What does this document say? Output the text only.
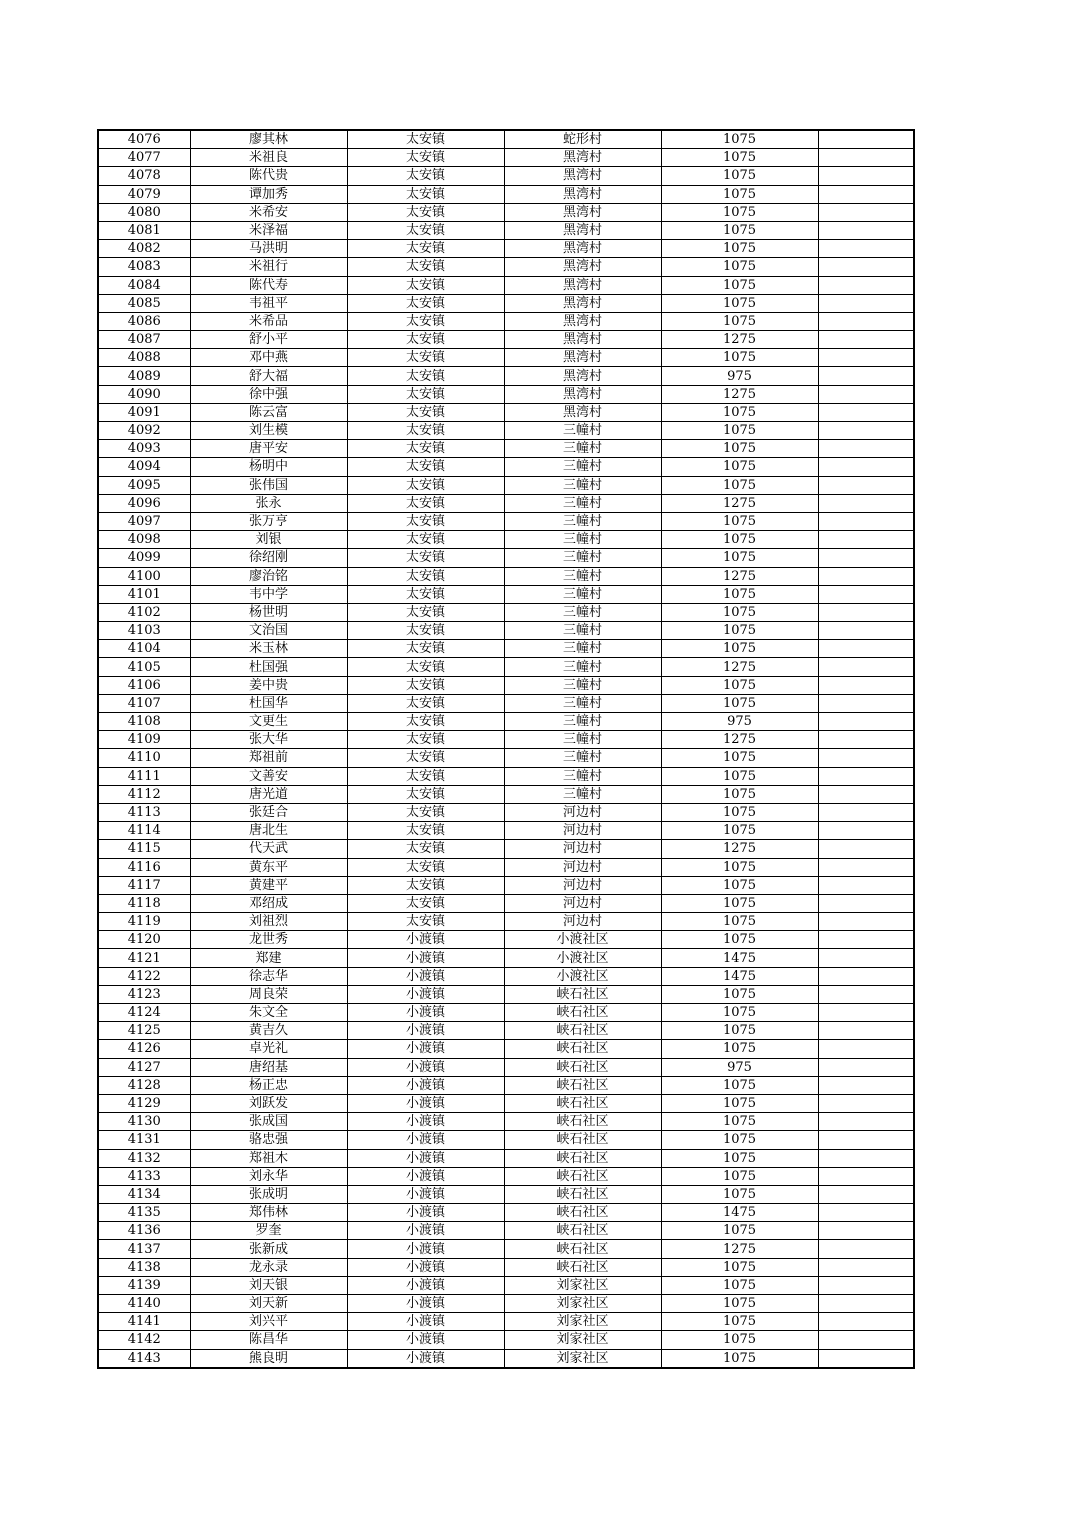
4076	廖其林	太安镇	蛇形村	1075	
4077	米祖良	太安镇	黑湾村	1075	
4078	陈代贵	太安镇	黑湾村	1075	
4079	谭加秀	太安镇	黑湾村	1075	
4080	米希安	太安镇	黑湾村	1075	
4081	米泽福	太安镇	黑湾村	1075	
4082	马洪明	太安镇	黑湾村	1075	
4083	米祖行	太安镇	黑湾村	1075	
4084	陈代寿	太安镇	黑湾村	1075	
4085	韦祖平	太安镇	黑湾村	1075	
4086	米希品	太安镇	黑湾村	1075	
4087	舒小平	太安镇	黑湾村	1275	
4088	邓中燕	太安镇	黑湾村	1075	
4089	舒大福	太安镇	黑湾村	975	
4090	徐中强	太安镇	黑湾村	1275	
4091	陈云富	太安镇	黑湾村	1075	
4092	刘生模	太安镇	三幢村	1075	
4093	唐平安	太安镇	三幢村	1075	
4094	杨明中	太安镇	三幢村	1075	
4095	张伟国	太安镇	三幢村	1075	
4096	张永	太安镇	三幢村	1275	
4097	张万亨	太安镇	三幢村	1075	
4098	刘银	太安镇	三幢村	1075	
4099	徐绍刚	太安镇	三幢村	1075	
4100	廖治铭	太安镇	三幢村	1275	
4101	韦中学	太安镇	三幢村	1075	
4102	杨世明	太安镇	三幢村	1075	
4103	文治国	太安镇	三幢村	1075	
4104	米玉林	太安镇	三幢村	1075	
4105	杜国强	太安镇	三幢村	1275	
4106	姜中贵	太安镇	三幢村	1075	
4107	杜国华	太安镇	三幢村	1075	
4108	文更生	太安镇	三幢村	975	
4109	张大华	太安镇	三幢村	1275	
4110	郑祖前	太安镇	三幢村	1075	
4111	文善安	太安镇	三幢村	1075	
4112	唐光道	太安镇	三幢村	1075	
4113	张廷合	太安镇	河边村	1075	
4114	唐北生	太安镇	河边村	1075	
4115	代天武	太安镇	河边村	1275	
4116	黄东平	太安镇	河边村	1075	
4117	黄建平	太安镇	河边村	1075	
4118	邓绍成	太安镇	河边村	1075	
4119	刘祖烈	太安镇	河边村	1075	
4120	龙世秀	小渡镇	小渡社区	1075	
4121	郑建	小渡镇	小渡社区	1475	
4122	徐志华	小渡镇	小渡社区	1475	
4123	周良荣	小渡镇	峡石社区	1075	
4124	朱文全	小渡镇	峡石社区	1075	
4125	黄吉久	小渡镇	峡石社区	1075	
4126	卓光礼	小渡镇	峡石社区	1075	
4127	唐绍基	小渡镇	峡石社区	975	
4128	杨正忠	小渡镇	峡石社区	1075	
4129	刘跃发	小渡镇	峡石社区	1075	
4130	张成国	小渡镇	峡石社区	1075	
4131	骆忠强	小渡镇	峡石社区	1075	
4132	郑祖木	小渡镇	峡石社区	1075	
4133	刘永华	小渡镇	峡石社区	1075	
4134	张成明	小渡镇	峡石社区	1075	
4135	郑伟林	小渡镇	峡石社区	1475	
4136	罗奎	小渡镇	峡石社区	1075	
4137	张新成	小渡镇	峡石社区	1275	
4138	龙永录	小渡镇	峡石社区	1075	
4139	刘天银	小渡镇	刘家社区	1075	
4140	刘天新	小渡镇	刘家社区	1075	
4141	刘兴平	小渡镇	刘家社区	1075	
4142	陈昌华	小渡镇	刘家社区	1075	
4143	熊良明	小渡镇	刘家社区	1075	
